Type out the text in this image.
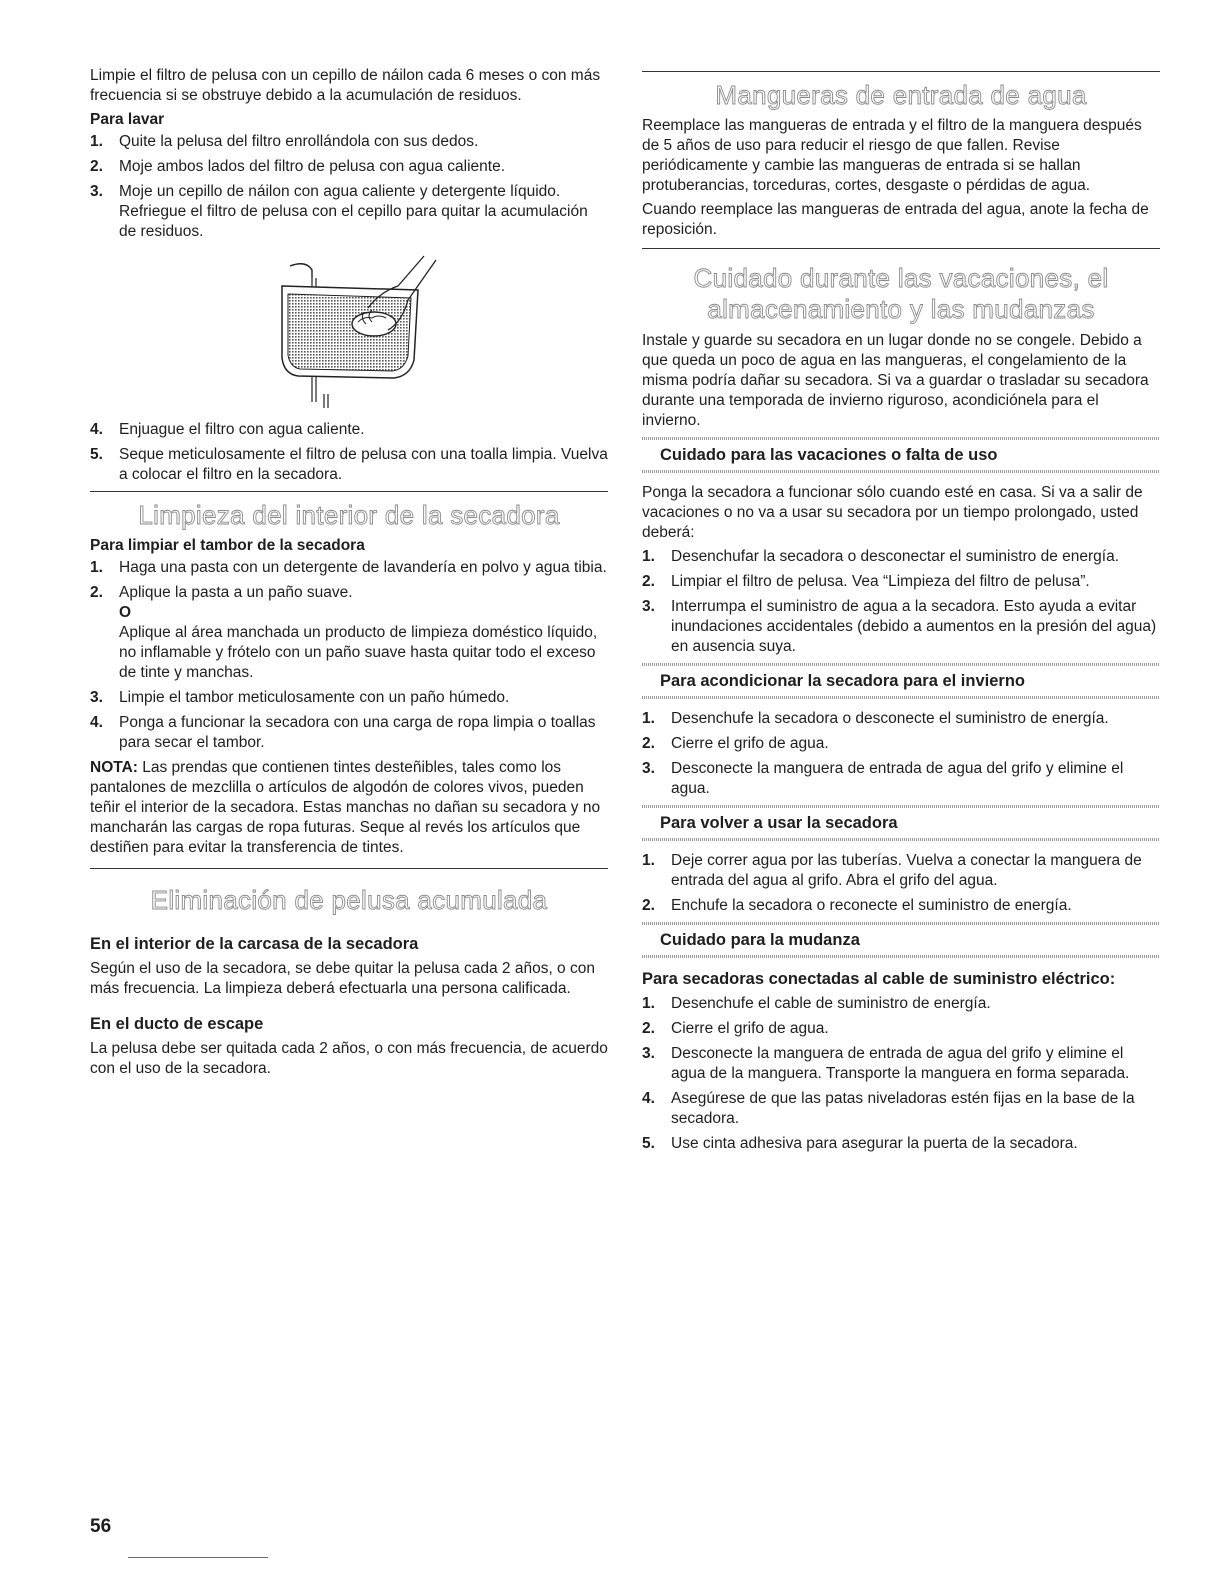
Limpie el filtro de pelusa con un cepillo de náilon cada 6 meses o con más frecuencia si se obstruye debido a la acumulación de residuos.

Para lavar
1. Quite la pelusa del filtro enrollándola con sus dedos.
2. Moje ambos lados del filtro de pelusa con agua caliente.
3. Moje un cepillo de náilon con agua caliente y detergente líquido. Refriegue el filtro de pelusa con el cepillo para quitar la acumulación de residuos.
4. Enjuague el filtro con agua caliente.
5. Seque meticulosamente el filtro de pelusa con una toalla limpia. Vuelva a colocar el filtro en la secadora.
Limpieza del interior de la secadora
Para limpiar el tambor de la secadora
1. Haga una pasta con un detergente de lavandería en polvo y agua tibia.
2. Aplique la pasta a un paño suave.
O
Aplique al área manchada un producto de limpieza doméstico líquido, no inflamable y frótelo con un paño suave hasta quitar todo el exceso de tinte y manchas.
3. Limpie el tambor meticulosamente con un paño húmedo.
4. Ponga a funcionar la secadora con una carga de ropa limpia o toallas para secar el tambor.

NOTA: Las prendas que contienen tintes desteñibles, tales como los pantalones de mezclilla o artículos de algodón de colores vivos, pueden teñir el interior de la secadora. Estas manchas no dañan su secadora y no mancharán las cargas de ropa futuras. Seque al revés los artículos que destiñen para evitar la transferencia de tintes.

Eliminación de pelusa acumulada
En el interior de la carcasa de la secadora

Según el uso de la secadora, se debe quitar la pelusa cada 2 años, o con más frecuencia. La limpieza deberá efectuarla una persona calificada.

En el ducto de escape

La pelusa debe ser quitada cada 2 años, o con más frecuencia, de acuerdo con el uso de la secadora.

Mangueras de entrada de agua

Reemplace las mangueras de entrada y el filtro de la manguera después de 5 años de uso para reducir el riesgo de que fallen. Revise periódicamente y cambie las mangueras de entrada si se hallan protuberancias, torceduras, cortes, desgaste o pérdidas de agua.

Cuando reemplace las mangueras de entrada del agua, anote la fecha de reposición.

Cuidado durante las vacaciones, el
almacenamiento y las mudanzas

Instale y guarde su secadora en un lugar donde no se congele. Debido a que queda un poco de agua en las mangueras, el congelamiento de la misma podría dañar su secadora. Si va a guardar o trasladar su secadora durante una temporada de invierno riguroso, acondiciónela para el invierno.

Cuidado para las vacaciones o falta de uso

Ponga la secadora a funcionar sólo cuando esté en casa. Si va a salir de vacaciones o no va a usar su secadora por un tiempo prolongado, usted deberá:

1. Desenchufar la secadora o desconectar el suministro de energía.
2. Limpiar el filtro de pelusa. Vea “Limpieza del filtro de pelusa”.
3. Interrumpa el suministro de agua a la secadora. Esto ayuda a evitar inundaciones accidentales (debido a aumentos en la presión del agua) en ausencia suya.
Para acondicionar la secadora para el invierno
1. Desenchufe la secadora o desconecte el suministro de energía.
2. Cierre el grifo de agua.
3. Desconecte la manguera de entrada de agua del grifo y elimine el agua.
Para volver a usar la secadora
1. Deje correr agua por las tuberías. Vuelva a conectar la manguera de entrada del agua al grifo. Abra el grifo del agua.
2. Enchufe la secadora o reconecte el suministro de energía.
Cuidado para la mudanza
Para secadoras conectadas al cable de suministro eléctrico:
1. Desenchufe el cable de suministro de energía.
2. Cierre el grifo de agua.
3. Desconecte la manguera de entrada de agua del grifo y elimine el agua de la manguera. Transporte la manguera en forma separada.
4. Asegúrese de que las patas niveladoras estén fijas en la base de la secadora.
5. Use cinta adhesiva para asegurar la puerta de la secadora.
56
